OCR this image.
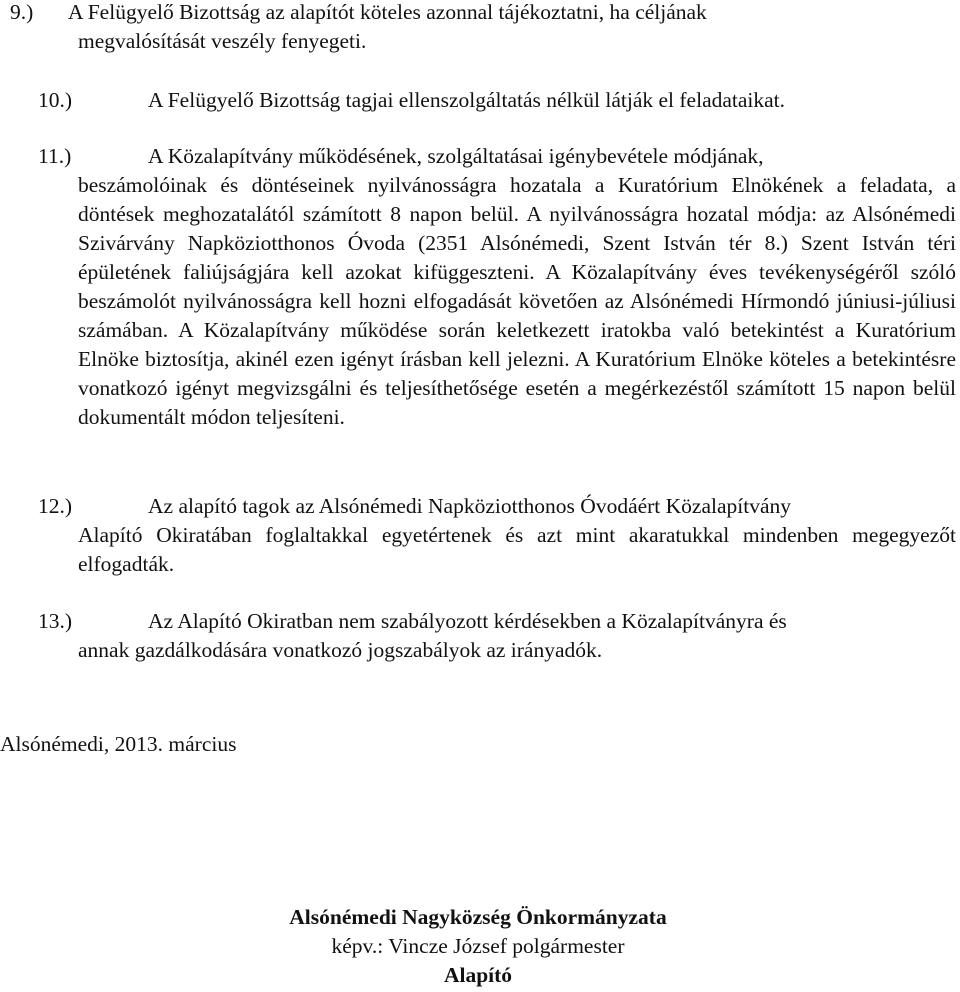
9.) A Felügyelő Bizottság az alapítót köteles azonnal tájékoztatni, ha céljának
megvalósítását veszély fenyegeti.
10.)	A Felügyelő Bizottság tagjai ellenszolgáltatás nélkül látják el feladataikat.
11.)	A Közalapítvány működésének, szolgáltatásai igénybevétele módjának,
beszámolóinak és döntéseinek nyilvánosságra hozatala a Kuratórium Elnökének a feladata, a döntések meghozatalától számított 8 napon belül. A nyilvánosságra hozatal módja: az Alsónémedi Szivárvány Napköziotthonos Óvoda (2351 Alsónémedi, Szent István tér 8.) Szent István téri épületének faliújságjára kell azokat kifüggeszteni. A Közalapítvány éves tevékenységéről szóló beszámolót nyilvánosságra kell hozni elfogadását követően az Alsónémedi Hírmondó júniusi-júliusi számában. A Közalapítvány működése során keletkezett iratokba való betekintést a Kuratórium Elnöke biztosítja, akinél ezen igényt írásban kell jelezni. A Kuratórium Elnöke köteles a betekintésre vonatkozó igényt megvizsgálni és teljesíthetősége esetén a megérkezéstől számított 15 napon belül dokumentált módon teljesíteni.
12.)	Az alapító tagok az Alsónémedi Napköziotthonos Óvodáért Közalapítvány
Alapító Okiratában foglaltakkal egyetértenek és azt mint akaratukkal mindenben megegyezőt elfogadták.
13.)	Az Alapító Okiratban nem szabályozott kérdésekben a Közalapítványra és
annak gazdálkodására vonatkozó jogszabályok az irányadók.
Alsónémedi, 2013. március
Alsónémedi Nagyközség Önkormányzata
képv.: Vincze József polgármester
Alapító
